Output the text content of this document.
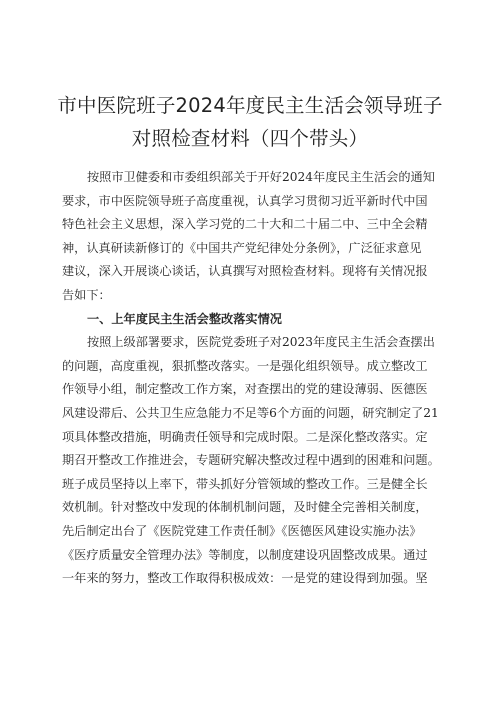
市中医院班子2024年度民主生活会领导班子
对照检查材料（四个带头）
按照市卫健委和市委组织部关于开好2024年度民主生活会的通知
要求，市中医院领导班子高度重视，认真学习贯彻习近平新时代中国
特色社会主义思想，深入学习党的二十大和二十届二中、三中全会精
神，认真研读新修订的《中国共产党纪律处分条例》，广泛征求意见
建议，深入开展谈心谈话，认真撰写对照检查材料。现将有关情况报
告如下：
一、上年度民主生活会整改落实情况
按照上级部署要求，医院党委班子对2023年度民主生活会查摆出
的问题，高度重视，狠抓整改落实。一是强化组织领导。成立整改工
作领导小组，制定整改工作方案，对查摆出的党的建设薄弱、医德医
风建设滞后、公共卫生应急能力不足等6个方面的问题，研究制定了21
项具体整改措施，明确责任领导和完成时限。二是深化整改落实。定
期召开整改工作推进会，专题研究解决整改过程中遇到的困难和问题。
班子成员坚持以上率下，带头抓好分管领域的整改工作。三是健全长
效机制。针对整改中发现的体制机制问题，及时健全完善相关制度，
先后制定出台了《医院党建工作责任制》《医德医风建设实施办法》
《医疗质量安全管理办法》等制度，以制度建设巩固整改成果。通过
一年来的努力，整改工作取得积极成效：一是党的建设得到加强。坚
